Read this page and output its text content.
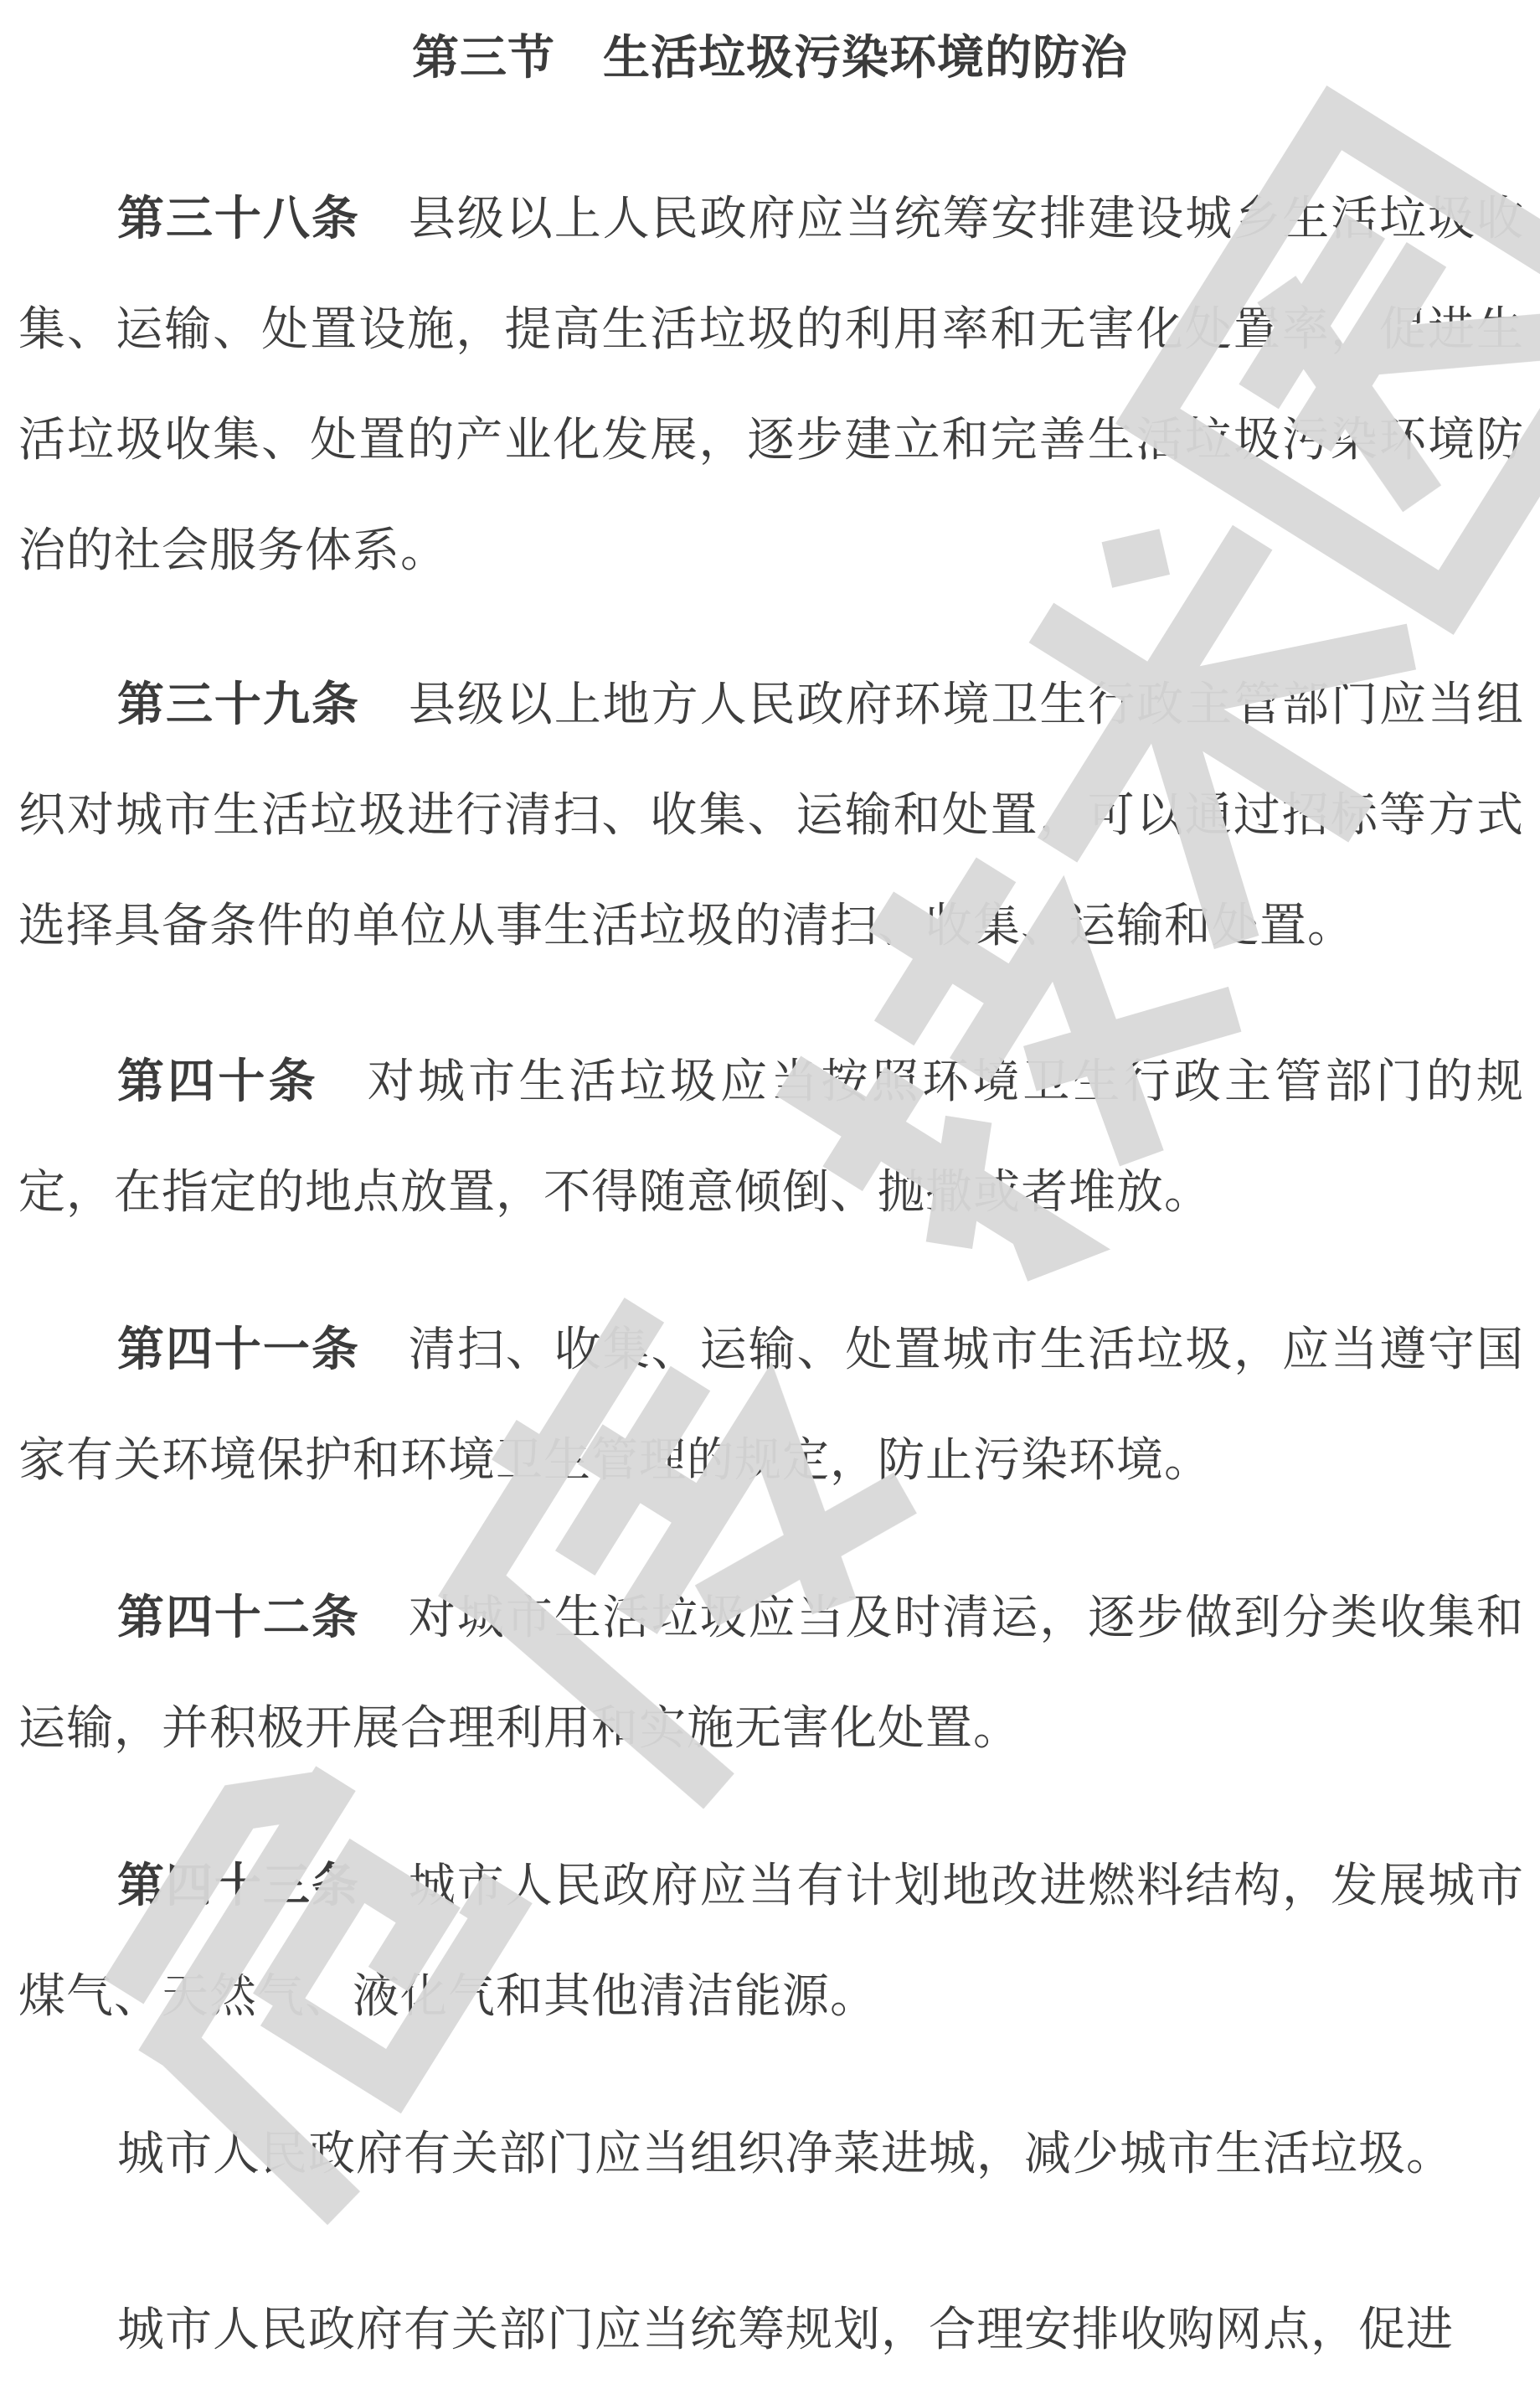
第三节　生活垃圾污染环境的防治

第三十八条 县级以上人民政府应当统筹安排建设城乡生活垃圾收集、运输、处置设施，提高生活垃圾的利用率和无害化处置率，促进生活垃圾收集、处置的产业化发展，逐步建立和完善生活垃圾污染环境防治的社会服务体系。

第三十九条 县级以上地方人民政府环境卫生行政主管部门应当组织对城市生活垃圾进行清扫、收集、运输和处置，可以通过招标等方式选择具备条件的单位从事生活垃圾的清扫、收集、运输和处置。

第四十条 对城市生活垃圾应当按照环境卫生行政主管部门的规定，在指定的地点放置，不得随意倾倒、抛撒或者堆放。

第四十一条 清扫、收集、运输、处置城市生活垃圾，应当遵守国家有关环境保护和环境卫生管理的规定，防止污染环境。

第四十二条 对城市生活垃圾应当及时清运，逐步做到分类收集和运输，并积极开展合理利用和实施无害化处置。

第四十三条 城市人民政府应当有计划地改进燃料结构，发展城市煤气、天然气、液化气和其他清洁能源。

城市人民政府有关部门应当组织净菜进城，减少城市生活垃圾。

城市人民政府有关部门应当统筹规划，合理安排收购网点，促进
